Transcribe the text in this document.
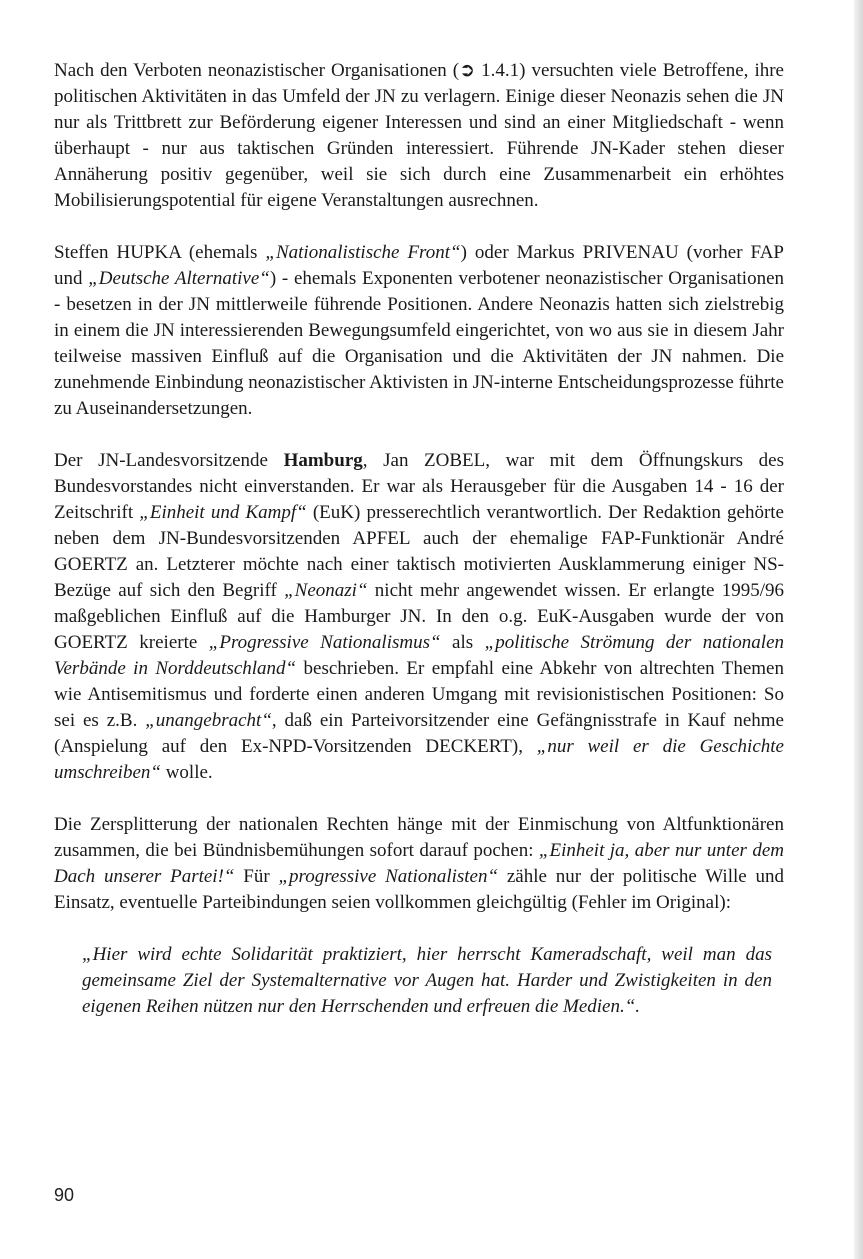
Nach den Verboten neonazistischer Organisationen (➲ 1.4.1) versuchten viele Betroffene, ihre politischen Aktivitäten in das Umfeld der JN zu verlagern. Einige dieser Neonazis sehen die JN nur als Trittbrett zur Beförderung eigener Interessen und sind an einer Mitgliedschaft - wenn überhaupt - nur aus taktischen Gründen interessiert. Führende JN-Kader stehen dieser Annäherung positiv gegenüber, weil sie sich durch eine Zusammenarbeit ein erhöhtes Mobilisierungspotential für eigene Veranstaltungen ausrechnen.

Steffen HUPKA (ehemals „Nationalistische Front“) oder Markus PRIVENAU (vorher FAP und „Deutsche Alternative“) - ehemals Exponenten verbotener neonazistischer Organisationen - besetzen in der JN mittlerweile führende Positionen. Andere Neonazis hatten sich zielstrebig in einem die JN interessierenden Bewegungsumfeld eingerichtet, von wo aus sie in diesem Jahr teilweise massiven Einfluß auf die Organisation und die Aktivitäten der JN nahmen. Die zunehmende Einbindung neonazistischer Aktivisten in JN-interne Entscheidungsprozesse führte zu Auseinandersetzungen.

Der JN-Landesvorsitzende Hamburg, Jan ZOBEL, war mit dem Öffnungskurs des Bundesvorstandes nicht einverstanden. Er war als Herausgeber für die Ausgaben 14 - 16 der Zeitschrift „Einheit und Kampf“ (EuK) presserechtlich verantwortlich. Der Redaktion gehörte neben dem JN-Bundesvorsitzenden APFEL auch der ehemalige FAP-Funktionär André GOERTZ an. Letzterer möchte nach einer taktisch motivierten Ausklammerung einiger NS-Bezüge auf sich den Begriff „Neonazi“ nicht mehr angewendet wissen. Er erlangte 1995/96 maßgeblichen Einfluß auf die Hamburger JN. In den o.g. EuK-Ausgaben wurde der von GOERTZ kreierte „Progressive Nationalismus“ als „politische Strömung der nationalen Verbände in Norddeutschland“ beschrieben. Er empfahl eine Abkehr von altrechten Themen wie Antisemitismus und forderte einen anderen Umgang mit revisionistischen Positionen: So sei es z.B. „unangebracht“, daß ein Parteivorsitzender eine Gefängnisstrafe in Kauf nehme (Anspielung auf den Ex-NPD-Vorsitzenden DECKERT), „nur weil er die Geschichte umschreiben“ wolle.

Die Zersplitterung der nationalen Rechten hänge mit der Einmischung von Altfunktionären zusammen, die bei Bündnisbemühungen sofort darauf pochen: „Einheit ja, aber nur unter dem Dach unserer Partei!“ Für „progressive Nationalisten“ zähle nur der politische Wille und Einsatz, eventuelle Parteibindungen seien vollkommen gleichgültig (Fehler im Original):

„Hier wird echte Solidarität praktiziert, hier herrscht Kameradschaft, weil man das gemeinsame Ziel der Systemalternative vor Augen hat. Harder und Zwistigkeiten in den eigenen Reihen nützen nur den Herrschenden und erfreuen die Medien.“.

90
